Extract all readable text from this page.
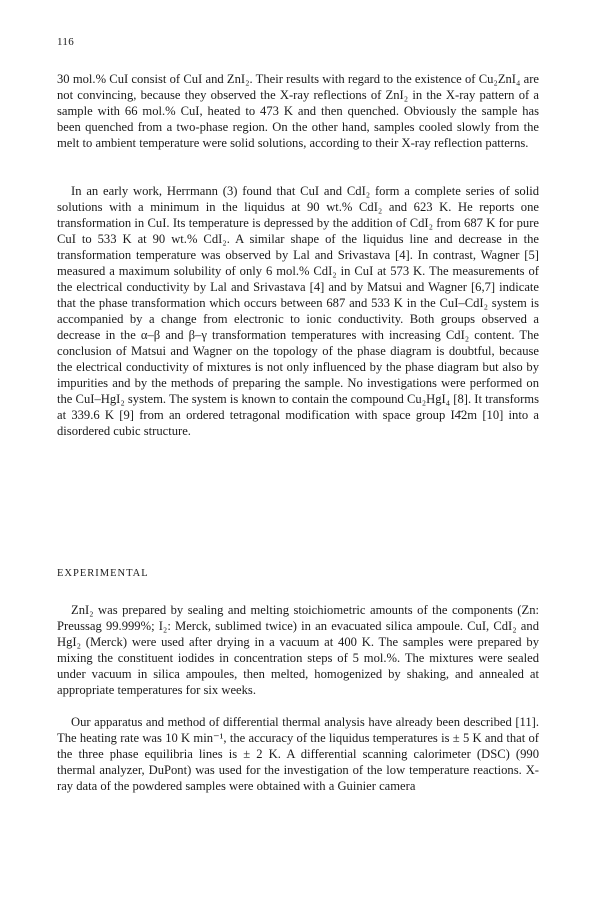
116

30 mol.% CuI consist of CuI and ZnI₂. Their results with regard to the existence of Cu₂ZnI₄ are not convincing, because they observed the X-ray reflections of ZnI₂ in the X-ray pattern of a sample with 66 mol.% CuI, heated to 473 K and then quenched. Obviously the sample has been quenched from a two-phase region. On the other hand, samples cooled slowly from the melt to ambient temperature were solid solutions, according to their X-ray reflection patterns.

In an early work, Herrmann (3) found that CuI and CdI₂ form a complete series of solid solutions with a minimum in the liquidus at 90 wt.% CdI₂ and 623 K. He reports one transformation in CuI. Its temperature is depressed by the addition of CdI₂ from 687 K for pure CuI to 533 K at 90 wt.% CdI₂. A similar shape of the liquidus line and decrease in the transformation temperature was observed by Lal and Srivastava [4]. In contrast, Wagner [5] measured a maximum solubility of only 6 mol.% CdI₂ in CuI at 573 K. The measurements of the electrical conductivity by Lal and Srivastava [4] and by Matsui and Wagner [6,7] indicate that the phase transformation which occurs between 687 and 533 K in the CuI–CdI₂ system is accompanied by a change from electronic to ionic conductivity. Both groups observed a decrease in the α–β and β–γ transformation temperatures with increasing CdI₂ content. The conclusion of Matsui and Wagner on the topology of the phase diagram is doubtful, because the electrical conductivity of mixtures is not only influenced by the phase diagram but also by impurities and by the methods of preparing the sample. No investigations were performed on the CuI–HgI₂ system. The system is known to contain the compound Cu₂HgI₄ [8]. It transforms at 339.6 K [9] from an ordered tetragonal modification with space group I4̄2m [10] into a disordered cubic structure.

EXPERIMENTAL

ZnI₂ was prepared by sealing and melting stoichiometric amounts of the components (Zn: Preussag 99.999%; I₂: Merck, sublimed twice) in an evacuated silica ampoule. CuI, CdI₂ and HgI₂ (Merck) were used after drying in a vacuum at 400 K. The samples were prepared by mixing the constituent iodides in concentration steps of 5 mol.%. The mixtures were sealed under vacuum in silica ampoules, then melted, homogenized by shaking, and annealed at appropriate temperatures for six weeks.

Our apparatus and method of differential thermal analysis have already been described [11]. The heating rate was 10 K min⁻¹, the accuracy of the liquidus temperatures is ± 5 K and that of the three phase equilibria lines is ± 2 K. A differential scanning calorimeter (DSC) (990 thermal analyzer, DuPont) was used for the investigation of the low temperature reactions. X-ray data of the powdered samples were obtained with a Guinier camera
